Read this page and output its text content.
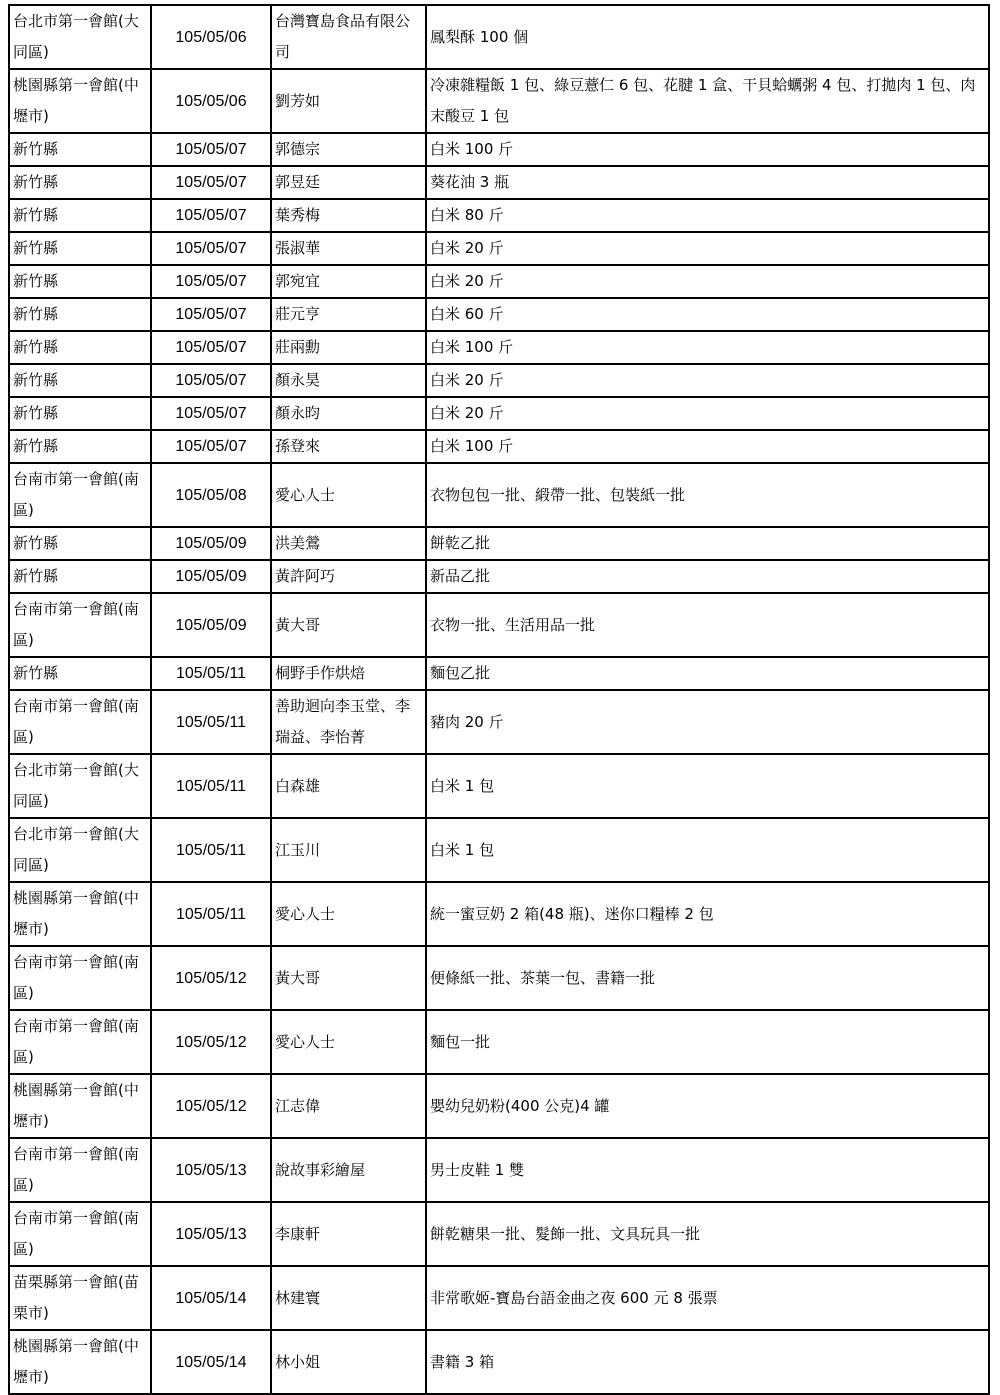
台北市第一會館(大同區)	105/05/06	台灣寶島食品有限公司	鳳梨酥 100 個
桃園縣第一會館(中壢市)	105/05/06	劉芳如	冷凍雜糧飯 1 包、綠豆薏仁 6 包、花腱 1 盒、干貝蛤蠣粥 4 包、打拋肉 1 包、肉末酸豆 1 包
新竹縣	105/05/07	郭德宗	白米 100 斤
新竹縣	105/05/07	郭昱廷	葵花油 3 瓶
新竹縣	105/05/07	葉秀梅	白米 80 斤
新竹縣	105/05/07	張淑華	白米 20 斤
新竹縣	105/05/07	郭宛宜	白米 20 斤
新竹縣	105/05/07	莊元亨	白米 60 斤
新竹縣	105/05/07	莊兩勳	白米 100 斤
新竹縣	105/05/07	顏永昊	白米 20 斤
新竹縣	105/05/07	顏永昀	白米 20 斤
新竹縣	105/05/07	孫登來	白米 100 斤
台南市第一會館(南區)	105/05/08	愛心人士	衣物包包一批、緞帶一批、包裝紙一批
新竹縣	105/05/09	洪美鶯	餅乾乙批
新竹縣	105/05/09	黃許阿巧	新品乙批
台南市第一會館(南區)	105/05/09	黃大哥	衣物一批、生活用品一批
新竹縣	105/05/11	桐野手作烘焙	麵包乙批
台南市第一會館(南區)	105/05/11	善助迴向李玉堂、李瑞益、李怡菁	豬肉 20 斤
台北市第一會館(大同區)	105/05/11	白森雄	白米 1 包
台北市第一會館(大同區)	105/05/11	江玉川	白米 1 包
桃園縣第一會館(中壢市)	105/05/11	愛心人士	統一蜜豆奶 2 箱(48 瓶)、迷你口糧棒 2 包
台南市第一會館(南區)	105/05/12	黃大哥	便條紙一批、茶葉一包、書籍一批
台南市第一會館(南區)	105/05/12	愛心人士	麵包一批
桃園縣第一會館(中壢市)	105/05/12	江志偉	嬰幼兒奶粉(400 公克)4 罐
台南市第一會館(南區)	105/05/13	說故事彩繪屋	男士皮鞋 1 雙
台南市第一會館(南區)	105/05/13	李康軒	餅乾糖果一批、髮飾一批、文具玩具一批
苗栗縣第一會館(苗栗市)	105/05/14	林建寰	非常歌姬-寶島台語金曲之夜 600 元 8 張票
桃園縣第一會館(中壢市)	105/05/14	林小姐	書籍 3 箱
